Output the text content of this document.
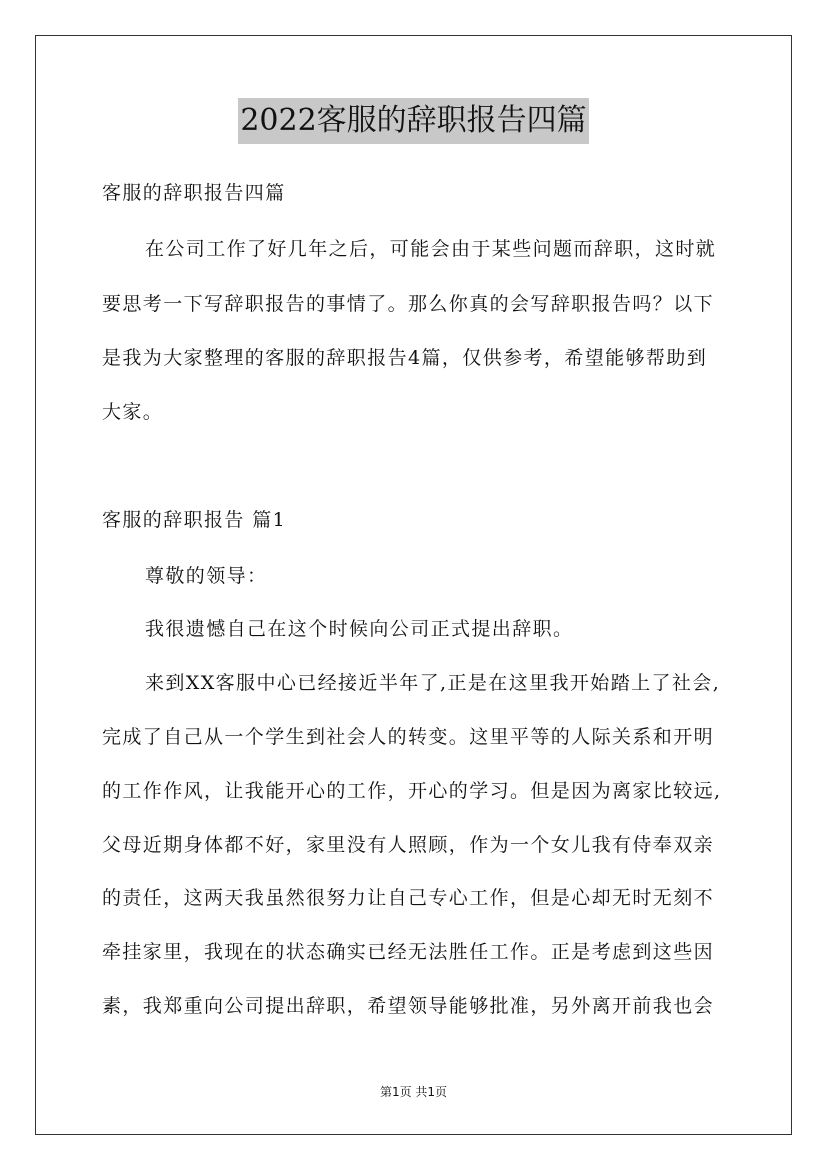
2022客服的辞职报告四篇
客服的辞职报告四篇
在公司工作了好几年之后，可能会由于某些问题而辞职，这时就
要思考一下写辞职报告的事情了。那么你真的会写辞职报告吗？以下
是我为大家整理的客服的辞职报告4篇，仅供参考，希望能够帮助到
大家。
客服的辞职报告 篇1
尊敬的领导：
我很遗憾自己在这个时候向公司正式提出辞职。
来到XX客服中心已经接近半年了,正是在这里我开始踏上了社会,
完成了自己从一个学生到社会人的转变。这里平等的人际关系和开明
的工作作风，让我能开心的工作，开心的学习。但是因为离家比较远,
父母近期身体都不好，家里没有人照顾，作为一个女儿我有侍奉双亲
的责任，这两天我虽然很努力让自己专心工作，但是心却无时无刻不
牵挂家里，我现在的状态确实已经无法胜任工作。正是考虑到这些因
素，我郑重向公司提出辞职，希望领导能够批准，另外离开前我也会
第1页 共1页
